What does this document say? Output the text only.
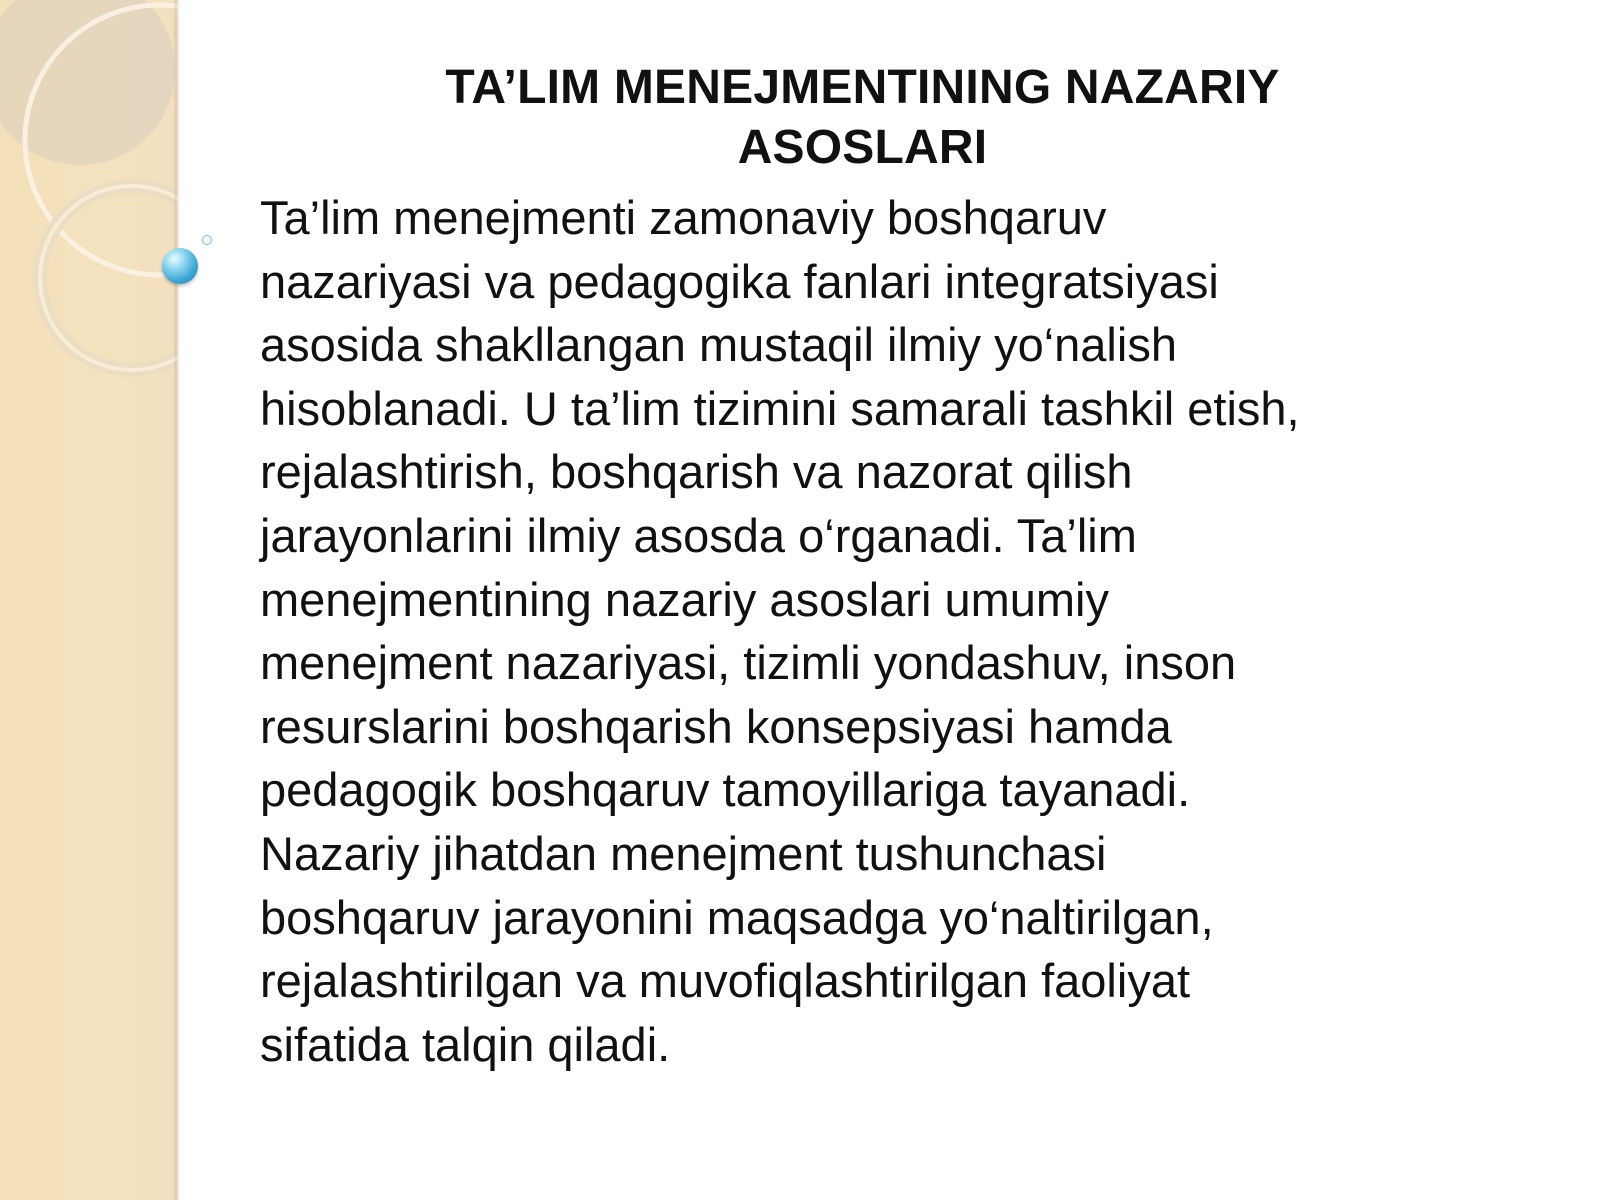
TA’LIM MENEJMENTINING NAZARIY
ASOSLARI

Ta’lim menejmenti zamonaviy boshqaruv
nazariyasi va pedagogika fanlari integratsiyasi
asosida shakllangan mustaqil ilmiy yo‘nalish
hisoblanadi. U ta’lim tizimini samarali tashkil etish,
rejalashtirish, boshqarish va nazorat qilish
jarayonlarini ilmiy asosda o‘rganadi. Ta’lim
menejmentining nazariy asoslari umumiy
menejment nazariyasi, tizimli yondashuv, inson
resurslarini boshqarish konsepsiyasi hamda
pedagogik boshqaruv tamoyillariga tayanadi.
Nazariy jihatdan menejment tushunchasi
boshqaruv jarayonini maqsadga yo‘naltirilgan,
rejalashtirilgan va muvofiqlashtirilgan faoliyat
sifatida talqin qiladi.
